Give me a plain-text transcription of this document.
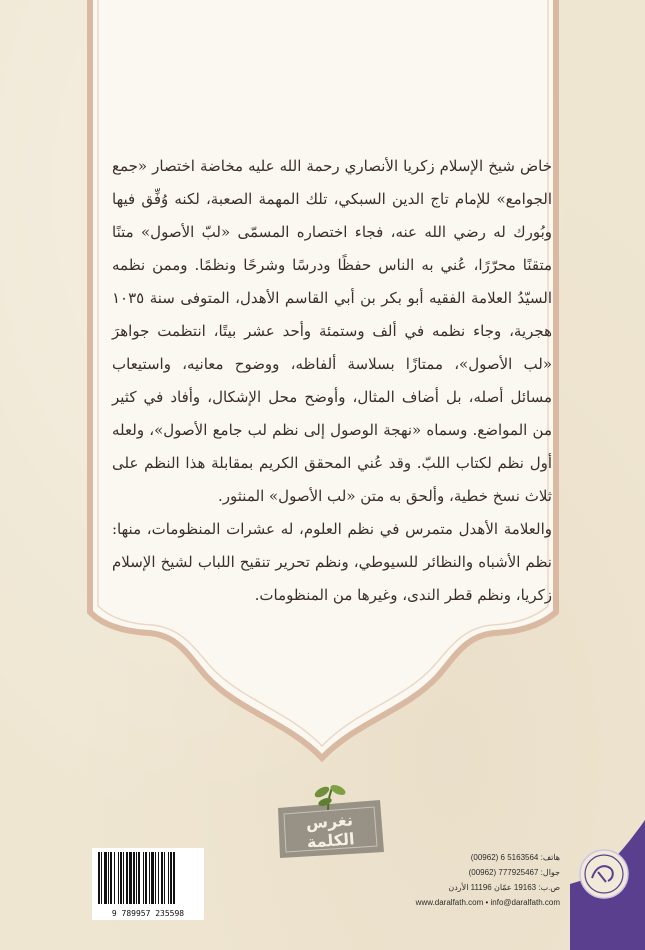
خاض شيخ الإسلام زكريا الأنصاري رحمة الله عليه مخاضة اختصار «جمع الجوامع» للإمام تاج الدين السبكي، تلك المهمة الصعبة، لكنه وُفِّق فيها وبُورك له رضي الله عنه، فجاء اختصاره المسمّى «لبّ الأصول» متنًا متقنًا محرّرًا، عُني به الناس حفظًا ودرسًا وشرحًا ونظمًا. وممن نظمه السيّدُ العلامة الفقيه أبو بكر بن أبي القاسم الأهدل، المتوفى سنة ١٠٣٥ هجرية، وجاء نظمه في ألف وستمئة وأحد عشر بيتًا، انتظمت جواهرَ «لب الأصول»، ممتازًا بسلاسة ألفاظه، ووضوح معانيه، واستيعاب مسائل أصله، بل أضاف المثال، وأوضح محل الإشكال، وأفاد في كثير من المواضع. وسماه «نهجة الوصول إلى نظم لب جامع الأصول»، ولعله أول نظم لكتاب اللبّ. وقد عُني المحقق الكريم بمقابلة هذا النظم على ثلاث نسخ خطية، وألحق به متن «لب الأصول» المنثور.

والعلامة الأهدل متمرس في نظم العلوم، له عشرات المنظومات، منها: نظم الأشباه والنظائر للسيوطي، ونظم تحرير تنقيح اللباب لشيخ الإسلام زكريا، ونظم قطر الندى، وغيرها من المنظومات.

نغرس الكلمة
9 789957 235598
هاتف: 5163564 6 (00962)
جوال: 777925467 (00962)
ص.ب: 19163 عمّان 11196 الأردن
www.daralfath.com • info@daralfath.com
